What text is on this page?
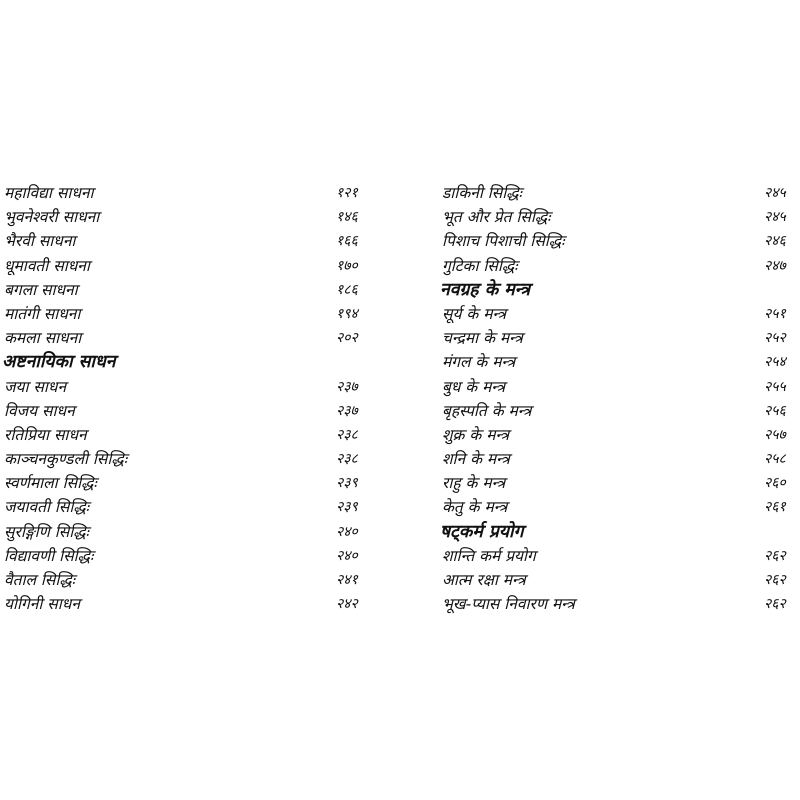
महाविद्या साधना	१२१
भुवनेश्वरी साधना	१४६
भैरवी साधना	१६६
धूमावती साधना	१७०
बगला साधना	१८६
मातंगी साधना	१९४
कमला साधना	२०२
अष्टनायिका साधन
जया साधन	२३७
विजय साधन	२३७
रतिप्रिया साधन	२३८
काञ्चनकुण्डली सिद्धिः	२३८
स्वर्णमाला सिद्धिः	२३९
जयावती सिद्धिः	२३९
सुरङ्गिणि सिद्धिः	२४०
विद्यावणी सिद्धिः	२४०
वैताल सिद्धिः	२४१
योगिनी साधन	२४२
डाकिनी सिद्धिः	२४५
भूत और प्रेत सिद्धिः	२४५
पिशाच पिशाची सिद्धिः	२४६
गुटिका सिद्धिः	२४७
नवग्रह के मन्त्र
सूर्य के मन्त्र	२५१
चन्द्रमा के मन्त्र	२५२
मंगल के मन्त्र	२५४
बुध के मन्त्र	२५५
बृहस्पति के मन्त्र	२५६
शुक्र के मन्त्र	२५७
शनि के मन्त्र	२५८
राहु के मन्त्र	२६०
केतु के मन्त्र	२६१
षट्कर्म प्रयोग
शान्ति कर्म प्रयोग	२६२
आत्म रक्षा मन्त्र	२६२
भूख-प्यास निवारण मन्त्र	२६२
